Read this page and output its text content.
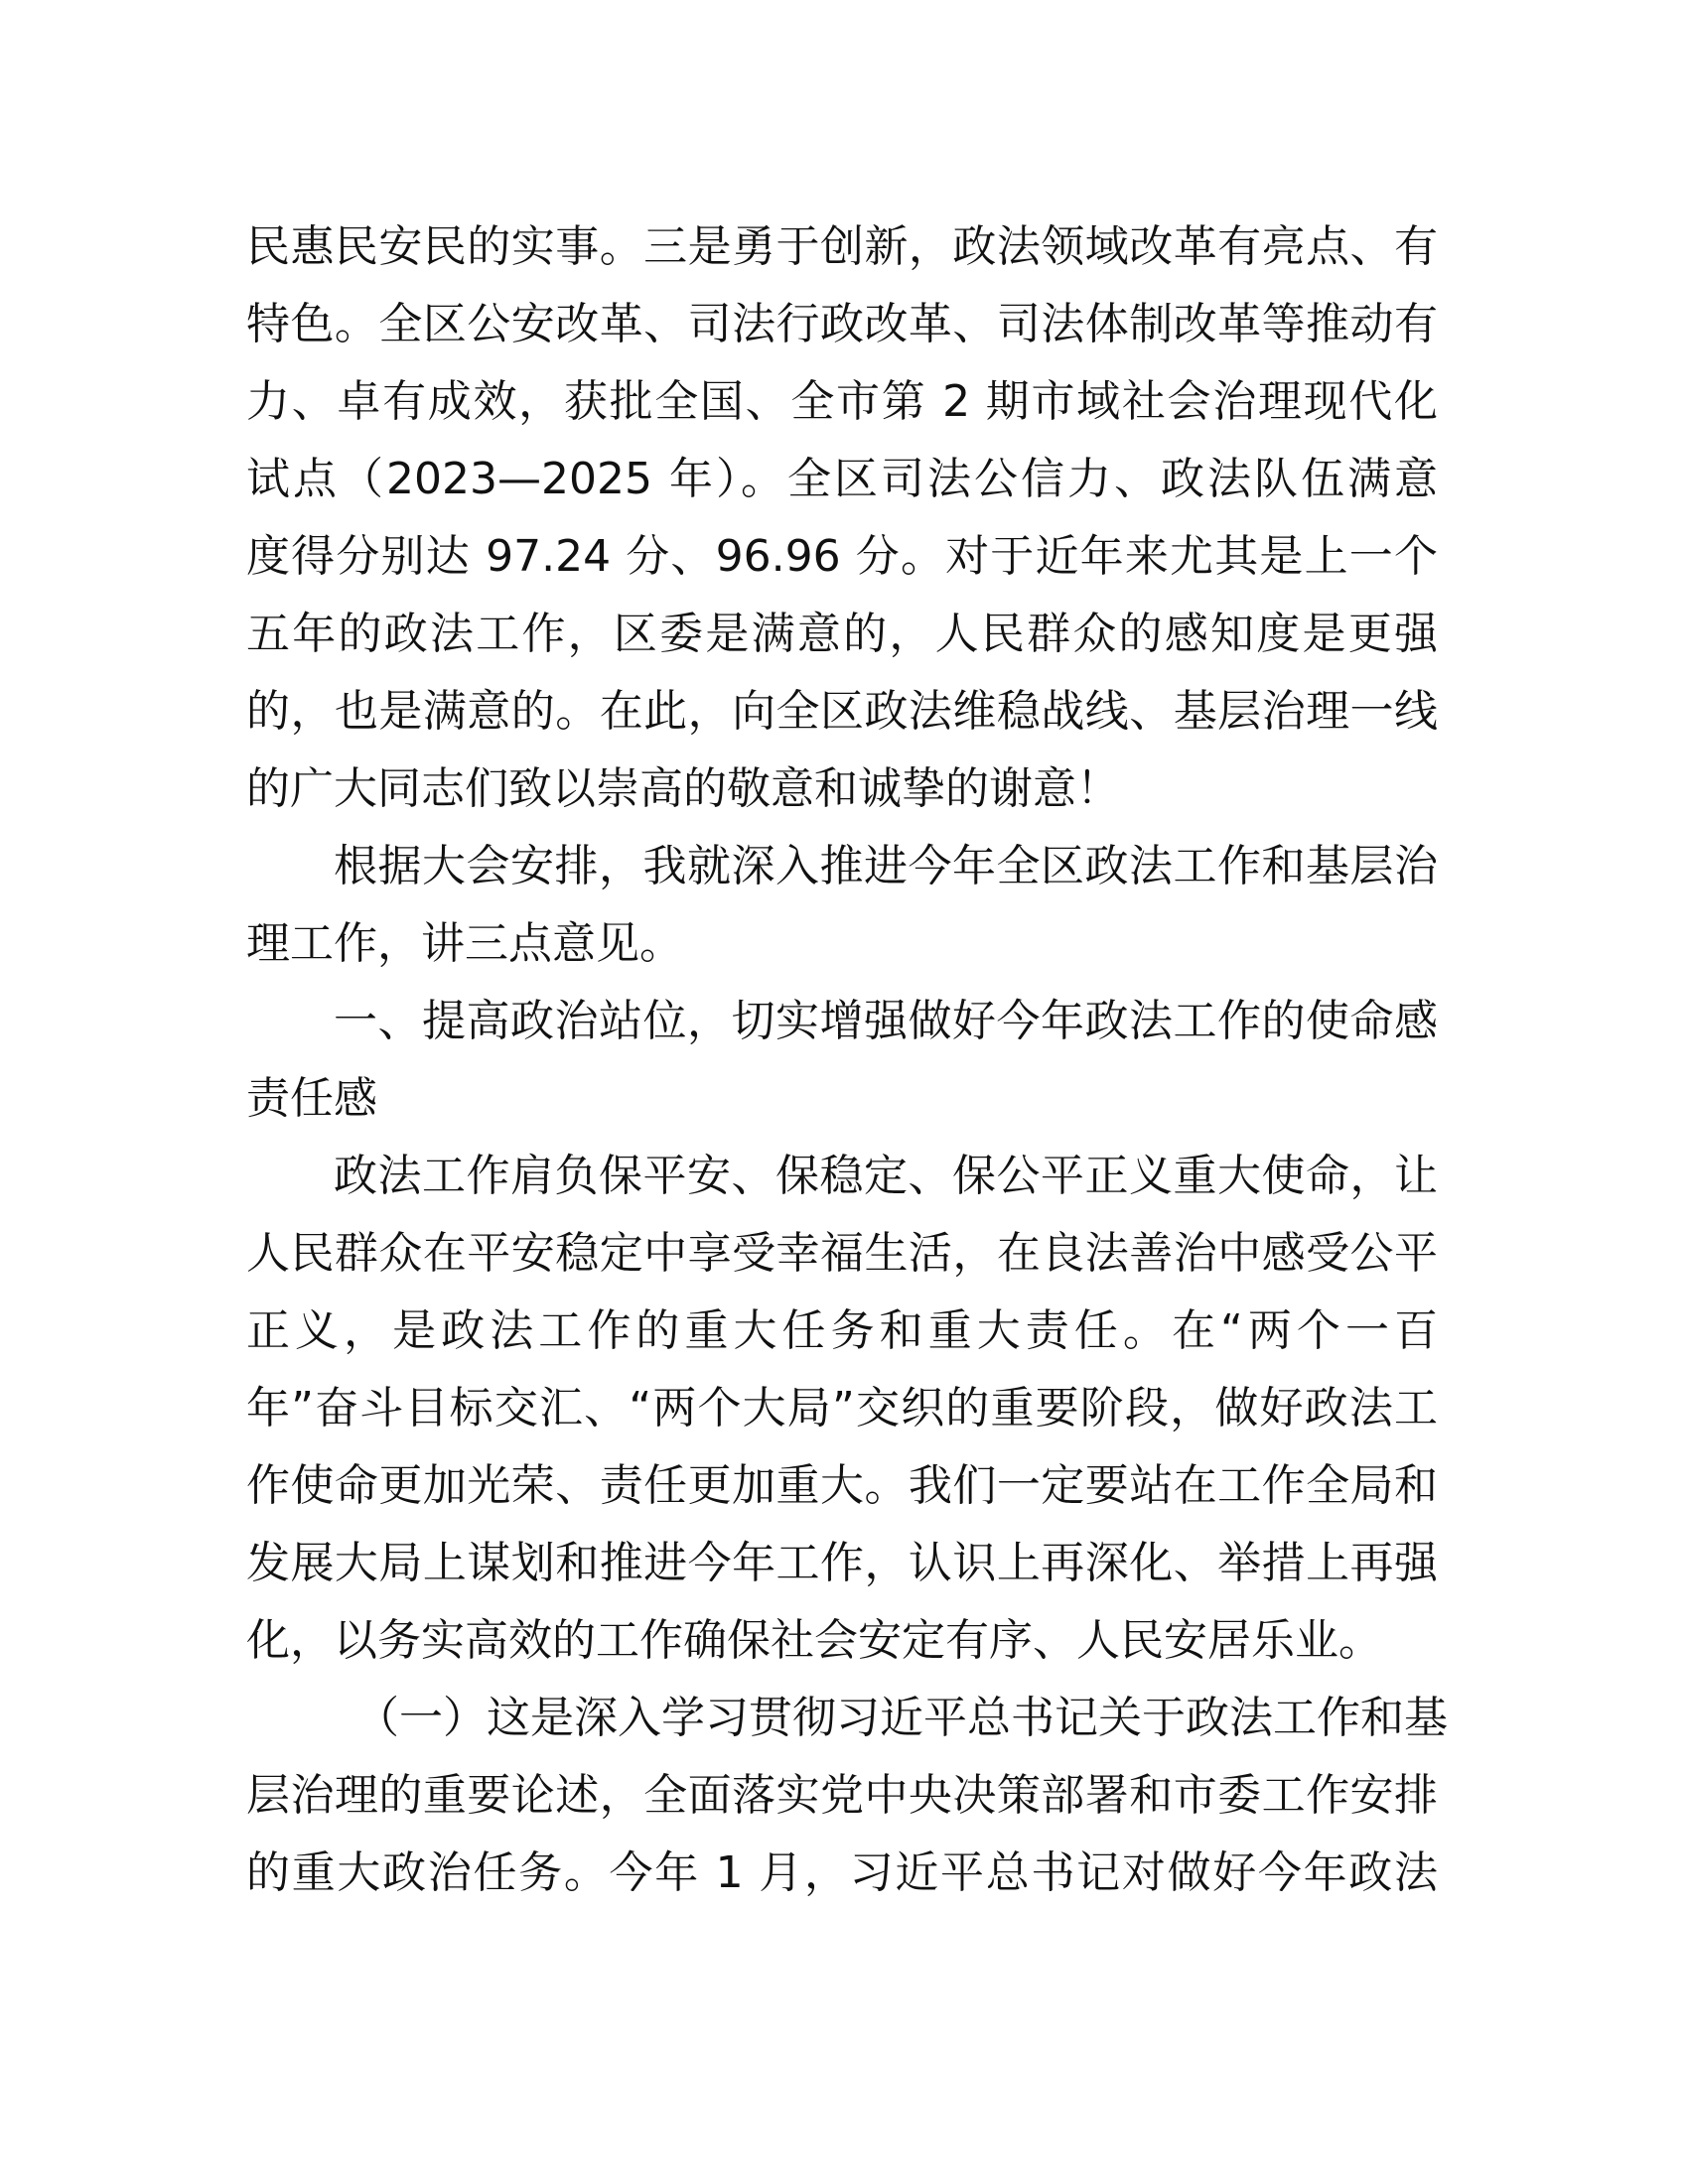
民惠民安民的实事。三是勇于创新，政法领域改革有亮点、有
特色。全区公安改革、司法行政改革、司法体制改革等推动有
力、卓有成效，获批全国、全市第 2 期市域社会治理现代化
试点（2023—2025 年）。全区司法公信力、政法队伍满意
度得分别达 97.24 分、96.96 分。对于近年来尤其是上一个
五年的政法工作，区委是满意的，人民群众的感知度是更强
的，也是满意的。在此，向全区政法维稳战线、基层治理一线
的广大同志们致以崇高的敬意和诚挚的谢意！
根据大会安排，我就深入推进今年全区政法工作和基层治
理工作，讲三点意见。
一、提高政治站位，切实增强做好今年政法工作的使命感
责任感
政法工作肩负保平安、保稳定、保公平正义重大使命，让
人民群众在平安稳定中享受幸福生活，在良法善治中感受公平
正义，是政法工作的重大任务和重大责任。在“两个一百
年”奋斗目标交汇、“两个大局”交织的重要阶段，做好政法工
作使命更加光荣、责任更加重大。我们一定要站在工作全局和
发展大局上谋划和推进今年工作，认识上再深化、举措上再强
化，以务实高效的工作确保社会安定有序、人民安居乐业。
（一）这是深入学习贯彻习近平总书记关于政法工作和基
层治理的重要论述，全面落实党中央决策部署和市委工作安排
的重大政治任务。今年 1 月，习近平总书记对做好今年政法
